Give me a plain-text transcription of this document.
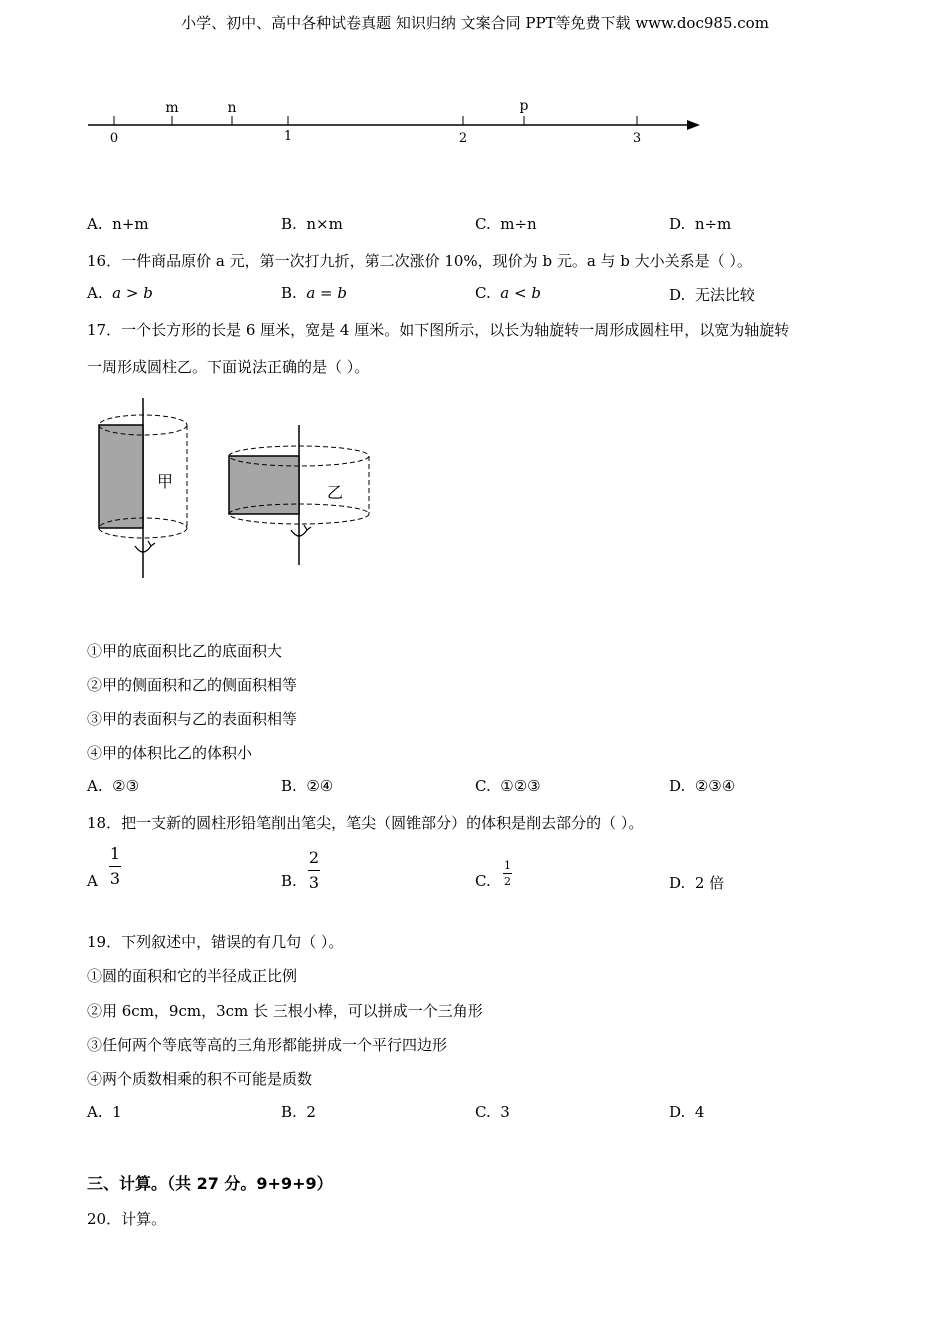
小学、初中、高中各种试卷真题 知识归纳 文案合同 PPT等免费下载 www.doc985.com
m	n	p
0	1	2	3
A. n+m	B. n×m	C. m÷n	D. n÷m
16．一件商品原价 a 元，第一次打九折，第二次涨价 10%，现价为 b 元。a 与 b 大小关系是（ ）。
A. a > b	B. a = b	C. a < b	D. 无法比较
17．一个长方形的长是 6 厘米，宽是 4 厘米。如下图所示，以长为轴旋转一周形成圆柱甲，以宽为轴旋转
一周形成圆柱乙。下面说法正确的是（ ）。
甲
乙
①甲的底面积比乙的底面积大
②甲的侧面积和乙的侧面积相等
③甲的表面积与乙的表面积相等
④甲的体积比乙的体积小
A. ②③	B. ②④	C. ①②③	D. ②③④
18．把一支新的圆柱形铅笔削出笔尖，笔尖（圆锥部分）的体积是削去部分的（ ）。
A
1
3	B.
2
3	C.
1
2	D. 2 倍
19．下列叙述中，错误的有几句（ ）。
①圆的面积和它的半径成正比例
②用 6cm，9cm，3cm 长 三根小棒，可以拼成一个三角形
③任何两个等底等高的三角形都能拼成一个平行四边形
④两个质数相乘的积不可能是质数
A. 1	B. 2	C. 3	D. 4
三、计算。（共 27 分。9+9+9）
20．计算。
